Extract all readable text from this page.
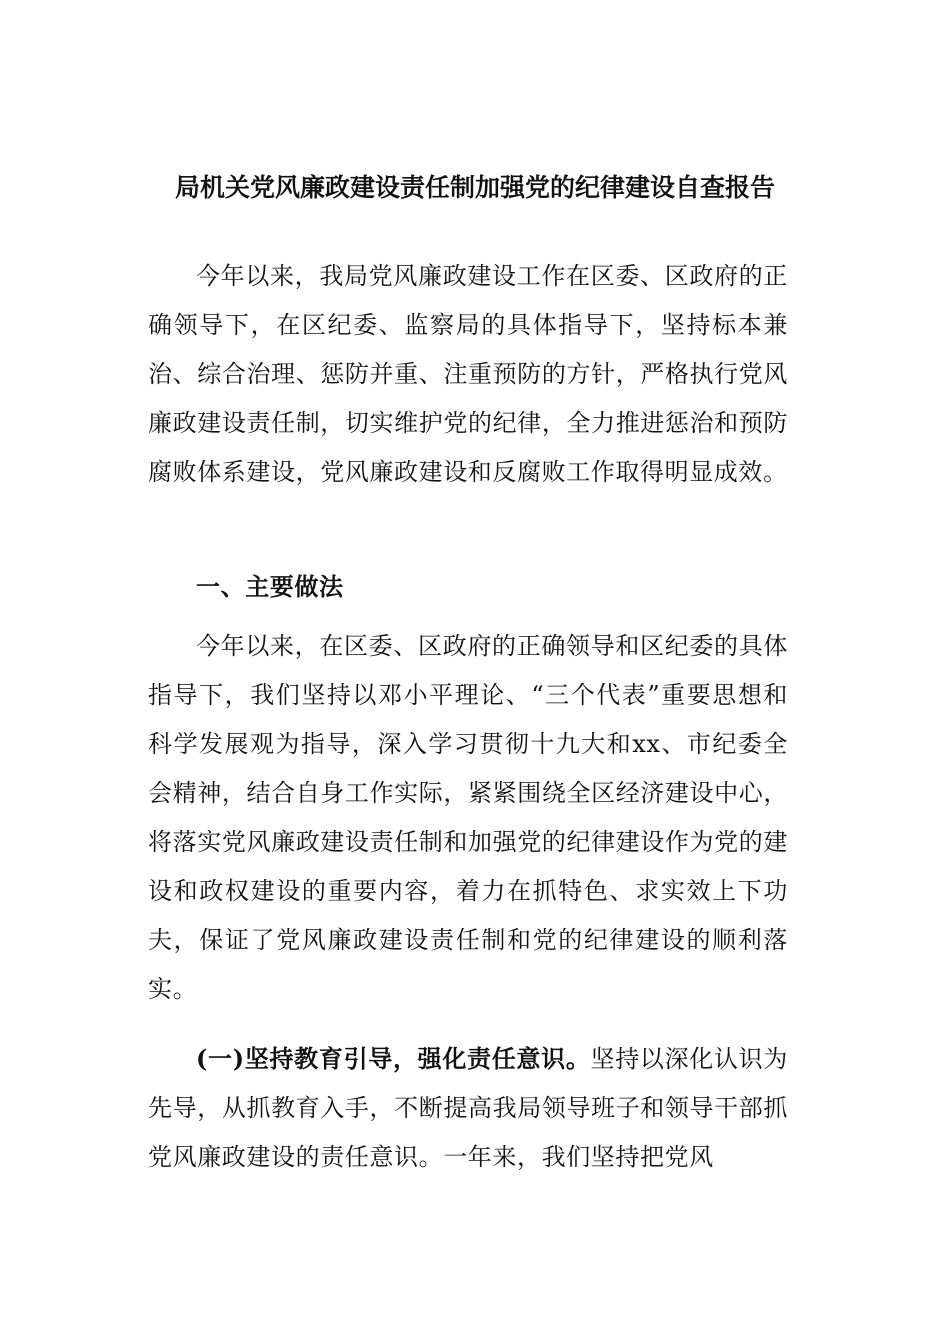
局机关党风廉政建设责任制加强党的纪律建设自查报告

今年以来，我局党风廉政建设工作在区委、区政府的正确领导下，在区纪委、监察局的具体指导下，坚持标本兼治、综合治理、惩防并重、注重预防的方针，严格执行党风廉政建设责任制，切实维护党的纪律，全力推进惩治和预防腐败体系建设，党风廉政建设和反腐败工作取得明显成效。

一、主要做法

今年以来，在区委、区政府的正确领导和区纪委的具体指导下，我们坚持以邓小平理论、“三个代表”重要思想和科学发展观为指导，深入学习贯彻十九大和xx、市纪委全会精神，结合自身工作实际，紧紧围绕全区经济建设中心，将落实党风廉政建设责任制和加强党的纪律建设作为党的建设和政权建设的重要内容，着力在抓特色、求实效上下功夫，保证了党风廉政建设责任制和党的纪律建设的顺利落实。

(一)坚持教育引导，强化责任意识。坚持以深化认识为先导，从抓教育入手，不断提高我局领导班子和领导干部抓党风廉政建设的责任意识。一年来，我们坚持把党风
